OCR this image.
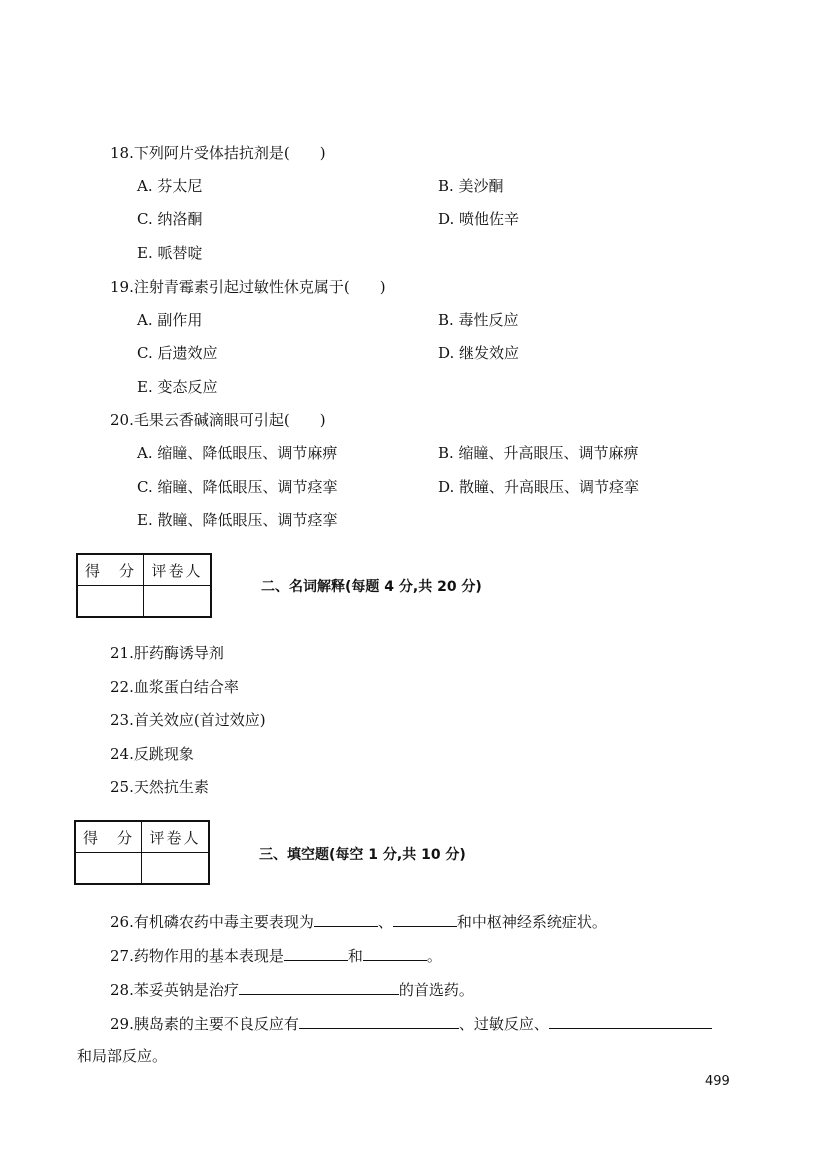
18.下列阿片受体拮抗剂是(　　)
A. 芬太尼	B. 美沙酮
C. 纳洛酮	D. 喷他佐辛
E. 哌替啶
19.注射青霉素引起过敏性休克属于(　　)
A. 副作用	B. 毒性反应
C. 后遗效应	D. 继发效应
E. 变态反应
20.毛果云香碱滴眼可引起(　　)
A. 缩瞳、降低眼压、调节麻痹	B. 缩瞳、升高眼压、调节麻痹
C. 缩瞳、降低眼压、调节痉挛	D. 散瞳、升高眼压、调节痉挛
E. 散瞳、降低眼压、调节痉挛
得　分	评卷人

二、名词解释(每题 4 分,共 20 分)
21.肝药酶诱导剂
22.血浆蛋白结合率
23.首关效应(首过效应)
24.反跳现象
25.天然抗生素
得　分	评卷人

三、填空题(每空 1 分,共 10 分)
26.有机磷农药中毒主要表现为	、	和中枢神经系统症状。
27.药物作用的基本表现是	和	。
28.苯妥英钠是治疗	的首选药。
29.胰岛素的主要不良反应有	、过敏反应、
和局部反应。
499
